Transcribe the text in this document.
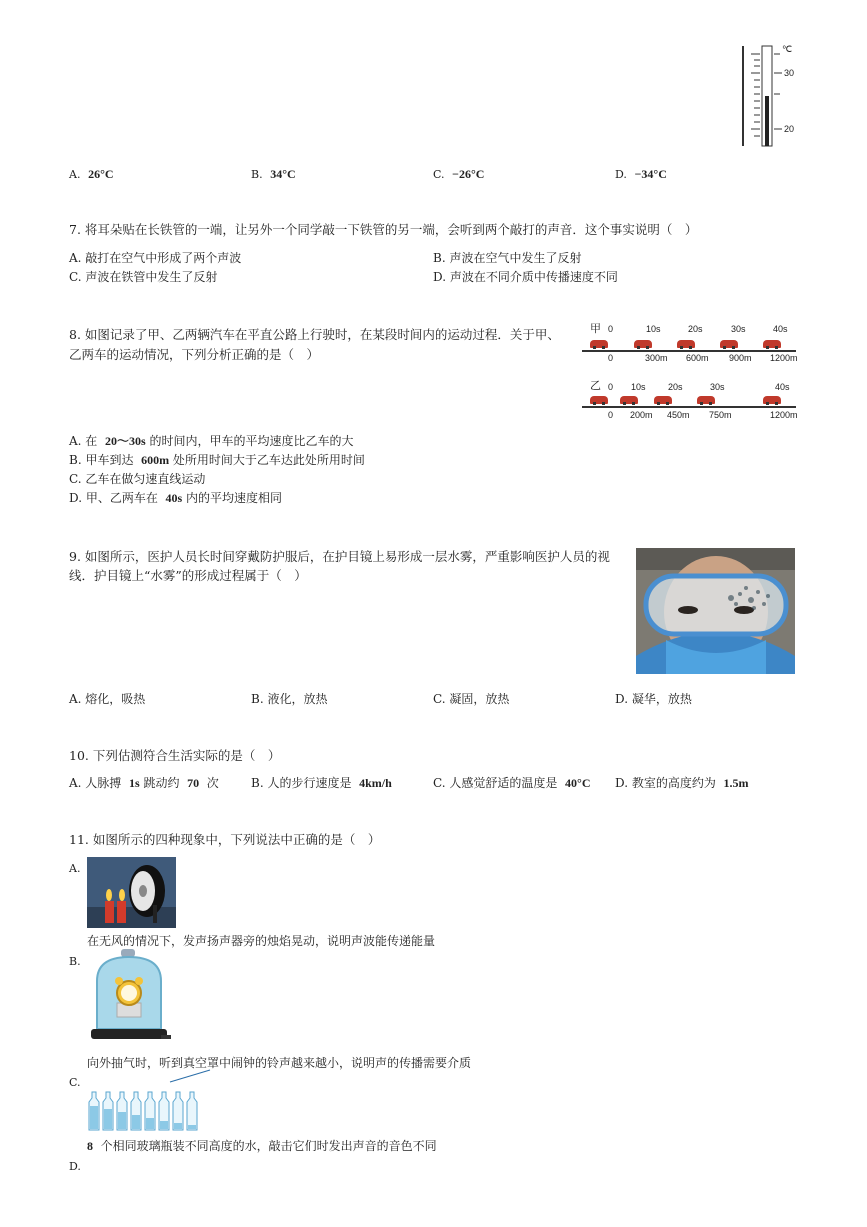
℃
30
20
A. 26°C	B. 34°C	C. −26°C	D. −34°C
7. 将耳朵贴在长铁管的一端，让另外一个同学敲一下铁管的另一端，会听到两个敲打的声音．这个事实说明（　）
A. 敲打在空气中形成了两个声波	B. 声波在空气中发生了反射
C. 声波在铁管中发生了反射	D. 声波在不同介质中传播速度不同
8. 如图记录了甲、乙两辆汽车在平直公路上行驶时，在某段时间内的运动过程．关于甲、
乙两车的运动情况，下列分析正确的是（　）
甲 0	10s	20s	30s	40s
0	300m 600m 900m 1200m
乙 0 10s 20s	30s	40s
0 200m 450m 750m	1200m
A. 在 20～30s 的时间内，甲车的平均速度比乙车的大
B. 甲车到达 600m 处所用时间大于乙车达此处所用时间
C. 乙车在做匀速直线运动
D. 甲、乙两车在 40s 内的平均速度相同
9. 如图所示，医护人员长时间穿戴防护服后，在护目镜上易形成一层水雾，严重影响医护人员的视
线．护目镜上“水雾”的形成过程属于（　）
A. 熔化，吸热	B. 液化，放热	C. 凝固，放热	D. 凝华，放热
10. 下列估测符合生活实际的是（　）
A. 人脉搏 1s 跳动约 70 次	B. 人的步行速度是 4km/h	C. 人感觉舒适的温度是 40°C D. 教室的高度约为 1.5m
11. 如图所示的四种现象中，下列说法中正确的是（　）
A.
在无风的情况下，发声扬声器旁的烛焰晃动，说明声波能传递能量
B.
向外抽气时，听到真空罩中闹钟的铃声越来越小，说明声的传播需要介质
C.
8 个相同玻璃瓶装不同高度的水，敲击它们时发出声音的音色不同
D.
